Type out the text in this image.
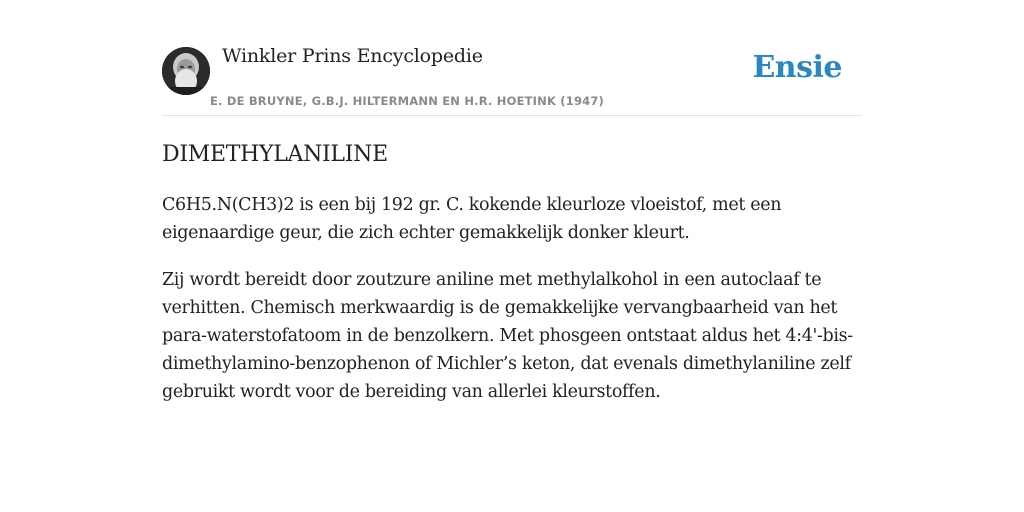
Winkler Prins Encyclopedie
E. DE BRUYNE, G.B.J. HILTERMANN EN H.R. HOETINK (1947)
Ensie
DIMETHYLANILINE

C6H5.N(CH3)2 is een bij 192 gr. C. kokende kleurloze vloeistof, met een eigenaardige geur, die zich echter gemakkelijk donker kleurt.

Zij wordt bereidt door zoutzure aniline met methylalkohol in een autoclaaf te verhitten. Chemisch merkwaardig is de gemakkelijke vervangbaarheid van het para-waterstofatoom in de benzolkern. Met phosgeen ontstaat aldus het 4:4'-bis-dimethylamino-benzophenon of Michler’s keton, dat evenals dimethylaniline zelf gebruikt wordt voor de bereiding van allerlei kleurstoffen.
